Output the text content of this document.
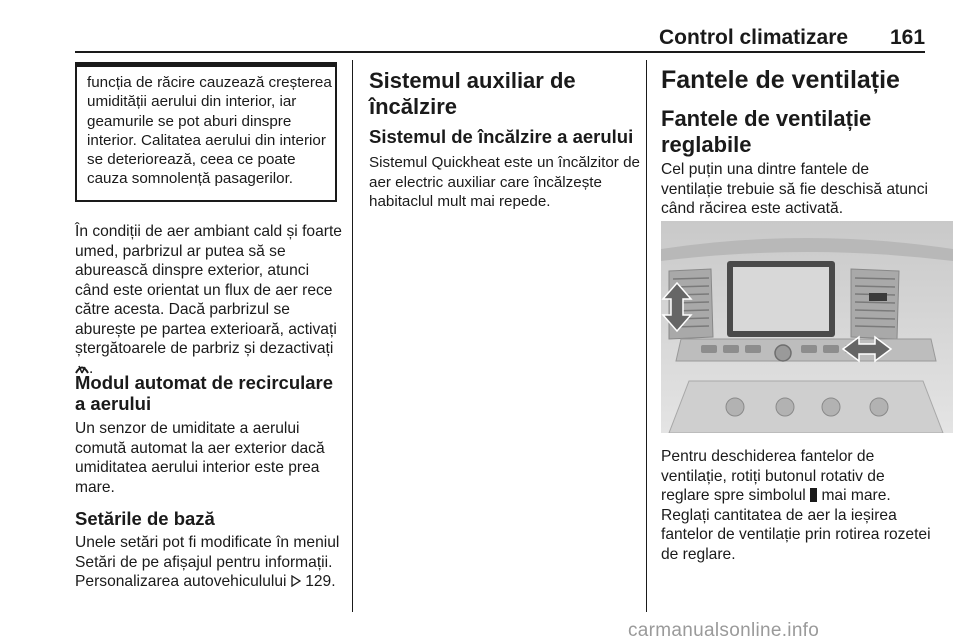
Control climatizare 161

funcția de răcire cauzează creșterea umidității aerului din interior, iar geamurile se pot aburi dinspre interior. Calitatea aerului din interior se deteriorează, ceea ce poate cauza somnolență pasagerilor.

În condiții de aer ambiant cald și foarte umed, parbrizul ar putea să se aburească dinspre exterior, atunci când este orientat un flux de aer rece către acesta. Dacă parbrizul se aburește pe partea exterioară, activați ștergătoarele de parbriz și dezactivați .

Modul automat de recirculare a aerului

Un senzor de umiditate a aerului comută automat la aer exterior dacă umiditatea aerului interior este prea mare.

Setările de bază

Unele setări pot fi modificate în meniul Setări de pe afișajul pentru informații. Personalizarea autovehiculului 129.

Sistemul auxiliar de încălzire
Sistemul de încălzire a aerului

Sistemul Quickheat este un încălzitor de aer electric auxiliar care încălzește habitaclul mult mai repede.

Fantele de ventilație
Fantele de ventilație reglabile

Cel puțin una dintre fantele de ventilație trebuie să fie deschisă atunci când răcirea este activată.

Pentru deschiderea fantelor de ventilație, rotiți butonul rotativ de reglare spre simbolul mai mare. Reglați cantitatea de aer la ieșirea fantelor de ventilație prin rotirea rozetei de reglare.

carmanualsonline.info
